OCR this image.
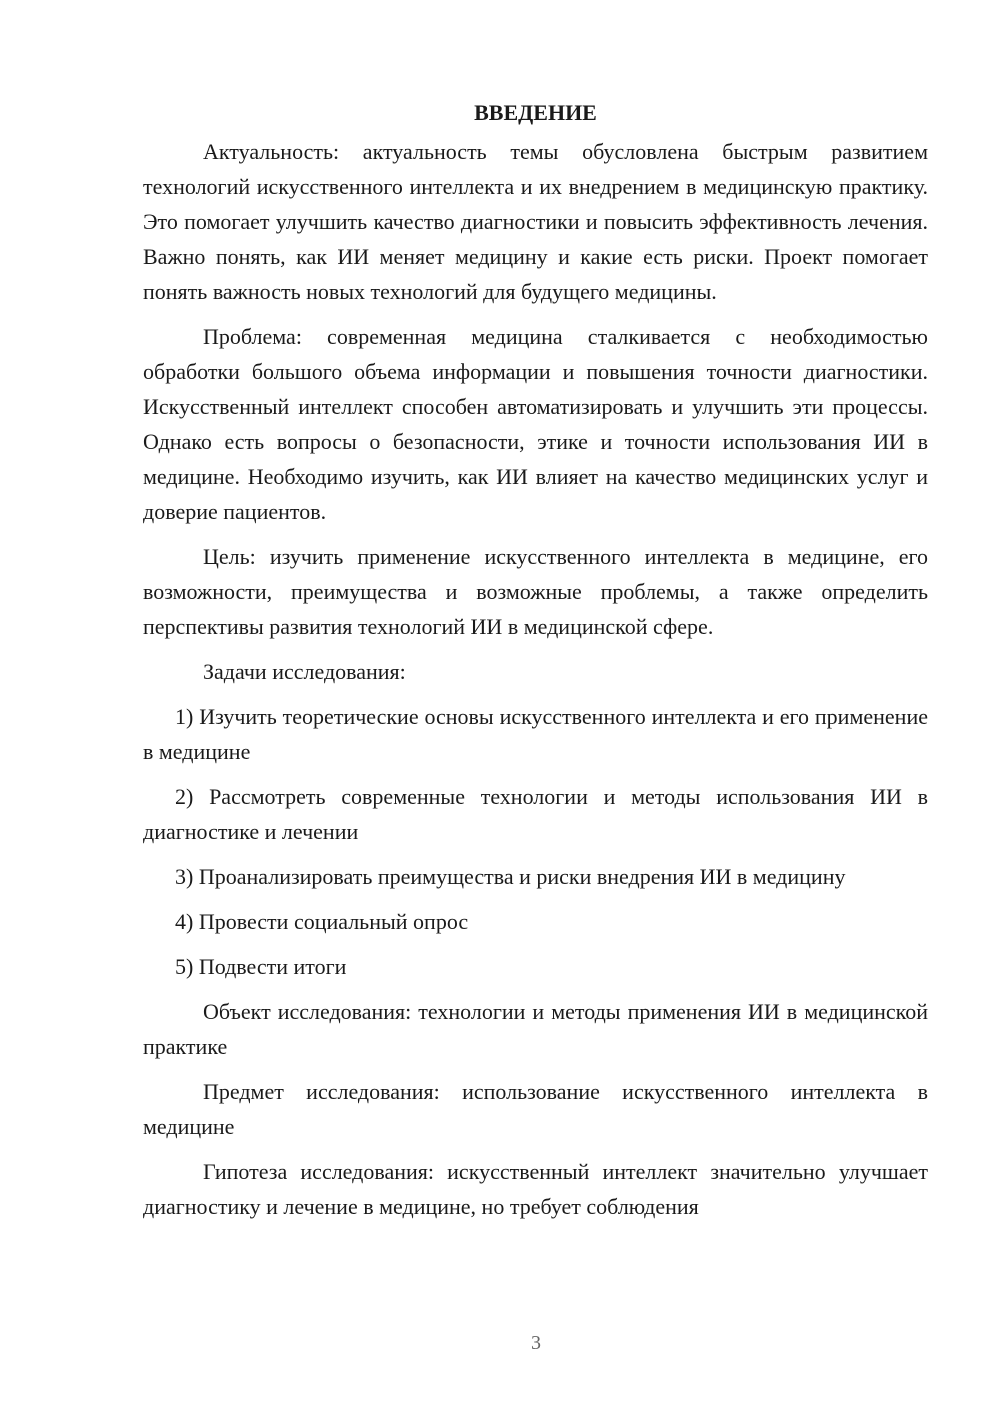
ВВЕДЕНИЕ
Актуальность: актуальность темы обусловлена быстрым развитием технологий искусственного интеллекта и их внедрением в медицинскую практику. Это помогает улучшить качество диагностики и повысить эффективность лечения. Важно понять, как ИИ меняет медицину и какие есть риски. Проект помогает понять важность новых технологий для будущего медицины.
Проблема: современная медицина сталкивается с необходимостью обработки большого объема информации и повышения точности диагностики. Искусственный интеллект способен автоматизировать и улучшить эти процессы. Однако есть вопросы о безопасности, этике и точности использования ИИ в медицине. Необходимо изучить, как ИИ влияет на качество медицинских услуг и доверие пациентов.
Цель: изучить применение искусственного интеллекта в медицине, его возможности, преимущества и возможные проблемы, а также определить перспективы развития технологий ИИ в медицинской сфере.
Задачи исследования:
1) Изучить теоретические основы искусственного интеллекта и его применение в медицине
2) Рассмотреть современные технологии и методы использования ИИ в диагностике и лечении
3) Проанализировать преимущества и риски внедрения ИИ в медицину
4) Провести социальный опрос
5) Подвести итоги
Объект исследования: технологии и методы применения ИИ в медицинской практике
Предмет исследования: использование искусственного интеллекта в медицине
Гипотеза исследования: искусственный интеллект значительно улучшает диагностику и лечение в медицине, но требует соблюдения
3
